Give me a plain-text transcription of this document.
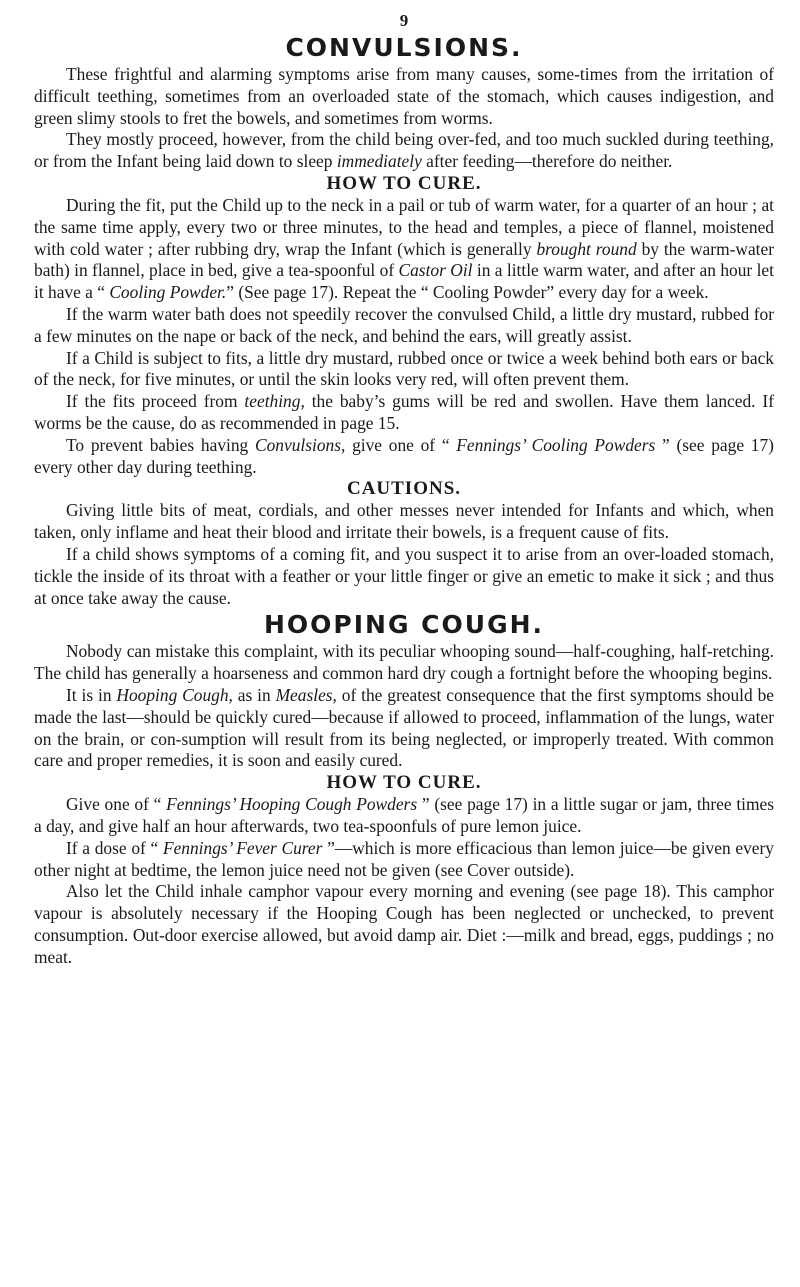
9
CONVULSIONS.

These frightful and alarming symptoms arise from many causes, some-times from the irritation of difficult teething, sometimes from an overloaded state of the stomach, which causes indigestion, and green slimy stools to fret the bowels, and sometimes from worms.

They mostly proceed, however, from the child being over-fed, and too much suckled during teething, or from the Infant being laid down to sleep immediately after feeding—therefore do neither.

HOW TO CURE.

During the fit, put the Child up to the neck in a pail or tub of warm water, for a quarter of an hour ; at the same time apply, every two or three minutes, to the head and temples, a piece of flannel, moistened with cold water ; after rubbing dry, wrap the Infant (which is generally brought round by the warm-water bath) in flannel, place in bed, give a tea-spoonful of Castor Oil in a little warm water, and after an hour let it have a “ Cooling Powder.” (See page 17). Repeat the “ Cooling Powder” every day for a week.

If the warm water bath does not speedily recover the convulsed Child, a little dry mustard, rubbed for a few minutes on the nape or back of the neck, and behind the ears, will greatly assist.

If a Child is subject to fits, a little dry mustard, rubbed once or twice a week behind both ears or back of the neck, for five minutes, or until the skin looks very red, will often prevent them.

If the fits proceed from teething, the baby’s gums will be red and swollen. Have them lanced. If worms be the cause, do as recommended in page 15.

To prevent babies having Convulsions, give one of “ Fennings’ Cooling Powders ” (see page 17) every other day during teething.

CAUTIONS.

Giving little bits of meat, cordials, and other messes never intended for Infants and which, when taken, only inflame and heat their blood and irritate their bowels, is a frequent cause of fits.

If a child shows symptoms of a coming fit, and you suspect it to arise from an over-loaded stomach, tickle the inside of its throat with a feather or your little finger or give an emetic to make it sick ; and thus at once take away the cause.

HOOPING COUGH.

Nobody can mistake this complaint, with its peculiar whooping sound—half-coughing, half-retching. The child has generally a hoarseness and common hard dry cough a fortnight before the whooping begins.

It is in Hooping Cough, as in Measles, of the greatest consequence that the first symptoms should be made the last—should be quickly cured—because if allowed to proceed, inflammation of the lungs, water on the brain, or con-sumption will result from its being neglected, or improperly treated. With common care and proper remedies, it is soon and easily cured.

HOW TO CURE.

Give one of “ Fennings’ Hooping Cough Powders ” (see page 17) in a little sugar or jam, three times a day, and give half an hour afterwards, two tea-spoonfuls of pure lemon juice.

If a dose of “ Fennings’ Fever Curer ”—which is more efficacious than lemon juice—be given every other night at bedtime, the lemon juice need not be given (see Cover outside).

Also let the Child inhale camphor vapour every morning and evening (see page 18). This camphor vapour is absolutely necessary if the Hooping Cough has been neglected or unchecked, to prevent consumption. Out-door exercise allowed, but avoid damp air. Diet :—milk and bread, eggs, puddings ; no meat.
